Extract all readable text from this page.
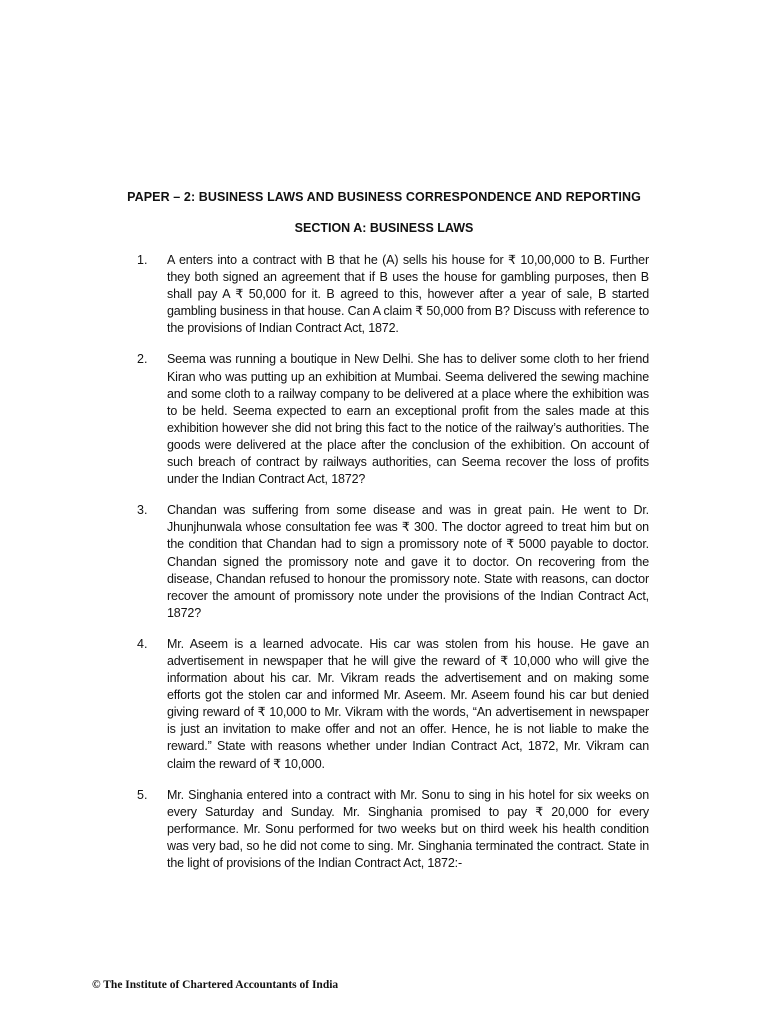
PAPER – 2: BUSINESS LAWS AND BUSINESS CORRESPONDENCE AND REPORTING
SECTION A: BUSINESS LAWS
1.	A enters into a contract with B that he (A) sells his house for ₹ 10,00,000 to B. Further they both signed an agreement that if B uses the house for gambling purposes, then B shall pay A ₹ 50,000 for it. B agreed to this, however after a year of sale, B started gambling business in that house. Can A claim ₹ 50,000 from B? Discuss with reference to the provisions of Indian Contract Act, 1872.
2.	Seema was running a boutique in New Delhi. She has to deliver some cloth to her friend Kiran who was putting up an exhibition at Mumbai. Seema delivered the sewing machine and some cloth to a railway company to be delivered at a place where the exhibition was to be held. Seema expected to earn an exceptional profit from the sales made at this exhibition however she did not bring this fact to the notice of the railway’s authorities. The goods were delivered at the place after the conclusion of the exhibition. On account of such breach of contract by railways authorities, can Seema recover the loss of profits under the Indian Contract Act, 1872?
3.	Chandan was suffering from some disease and was in great pain. He went to Dr. Jhunjhunwala whose consultation fee was ₹ 300. The doctor agreed to treat him but on the condition that Chandan had to sign a promissory note of ₹ 5000 payable to doctor. Chandan signed the promissory note and gave it to doctor. On recovering from the disease, Chandan refused to honour the promissory note. State with reasons, can doctor recover the amount of promissory note under the provisions of the Indian Contract Act, 1872?
4.	Mr. Aseem is a learned advocate. His car was stolen from his house. He gave an advertisement in newspaper that he will give the reward of ₹ 10,000 who will give the information about his car. Mr. Vikram reads the advertisement and on making some efforts got the stolen car and informed Mr. Aseem. Mr. Aseem found his car but denied giving reward of ₹ 10,000 to Mr. Vikram with the words, “An advertisement in newspaper is just an invitation to make offer and not an offer. Hence, he is not liable to make the reward.” State with reasons whether under Indian Contract Act, 1872, Mr. Vikram can claim the reward of ₹ 10,000.
5.	Mr. Singhania entered into a contract with Mr. Sonu to sing in his hotel for six weeks on every Saturday and Sunday. Mr. Singhania promised to pay ₹ 20,000 for every performance. Mr. Sonu performed for two weeks but on third week his health condition was very bad, so he did not come to sing. Mr. Singhania terminated the contract. State in the light of provisions of the Indian Contract Act, 1872:-
© The Institute of Chartered Accountants of India
